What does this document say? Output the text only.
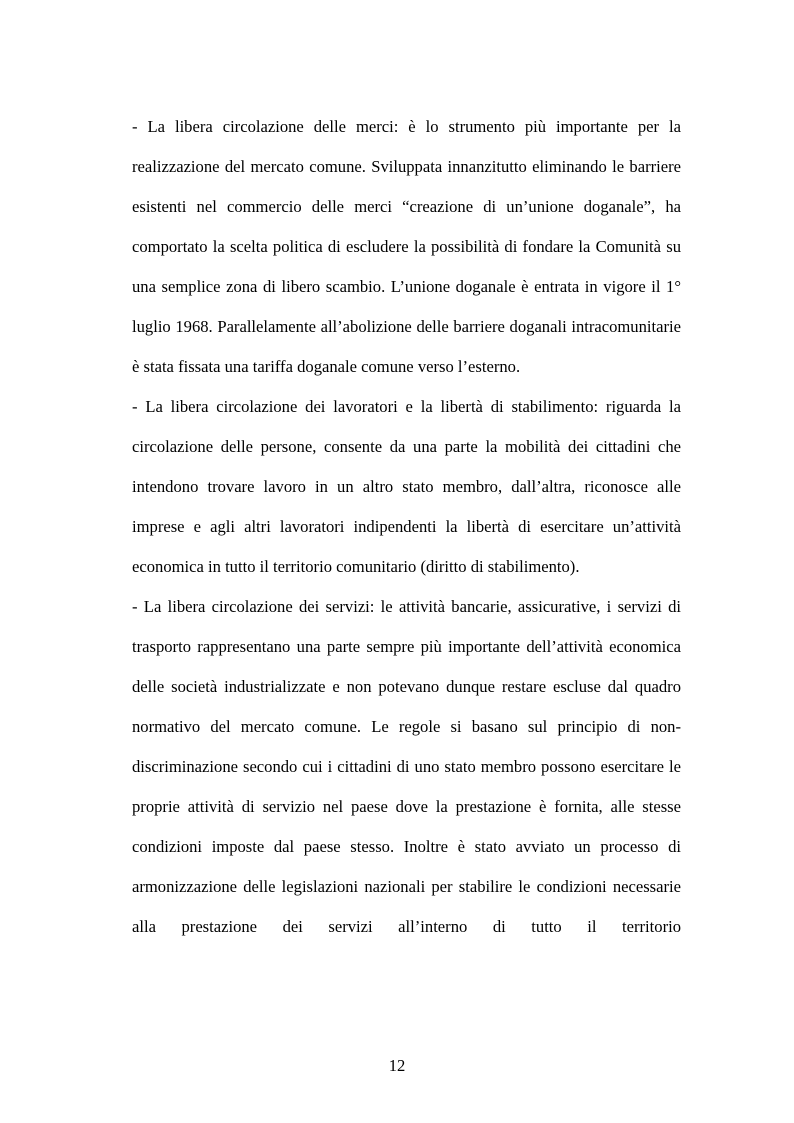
- La libera circolazione delle merci: è lo strumento più importante per la realizzazione del mercato comune. Sviluppata innanzitutto eliminando le barriere esistenti nel commercio delle merci “creazione di un’unione doganale”, ha comportato la scelta politica di escludere la possibilità di fondare la Comunità su una semplice zona di libero scambio. L’unione doganale è entrata in vigore il 1° luglio 1968. Parallelamente all’abolizione delle barriere doganali intracomunitarie è stata fissata una tariffa doganale comune verso l’esterno.

- La libera circolazione dei lavoratori e la libertà di stabilimento: riguarda la circolazione delle persone, consente da una parte la mobilità dei cittadini che intendono trovare lavoro in un altro stato membro, dall’altra, riconosce alle imprese e agli altri lavoratori indipendenti la libertà di esercitare un’attività economica in tutto il territorio comunitario (diritto di stabilimento).

- La libera circolazione dei servizi: le attività bancarie, assicurative, i servizi di trasporto rappresentano una parte sempre più importante dell’attività economica delle società industrializzate e non potevano dunque restare escluse dal quadro normativo del mercato comune. Le regole si basano sul principio di non-discriminazione secondo cui i cittadini di uno stato membro possono esercitare le proprie attività di servizio nel paese dove la prestazione è fornita, alle stesse condizioni imposte dal paese stesso. Inoltre è stato avviato un processo di armonizzazione delle legislazioni nazionali per stabilire le condizioni necessarie alla prestazione dei servizi all’interno di tutto il territorio

12
